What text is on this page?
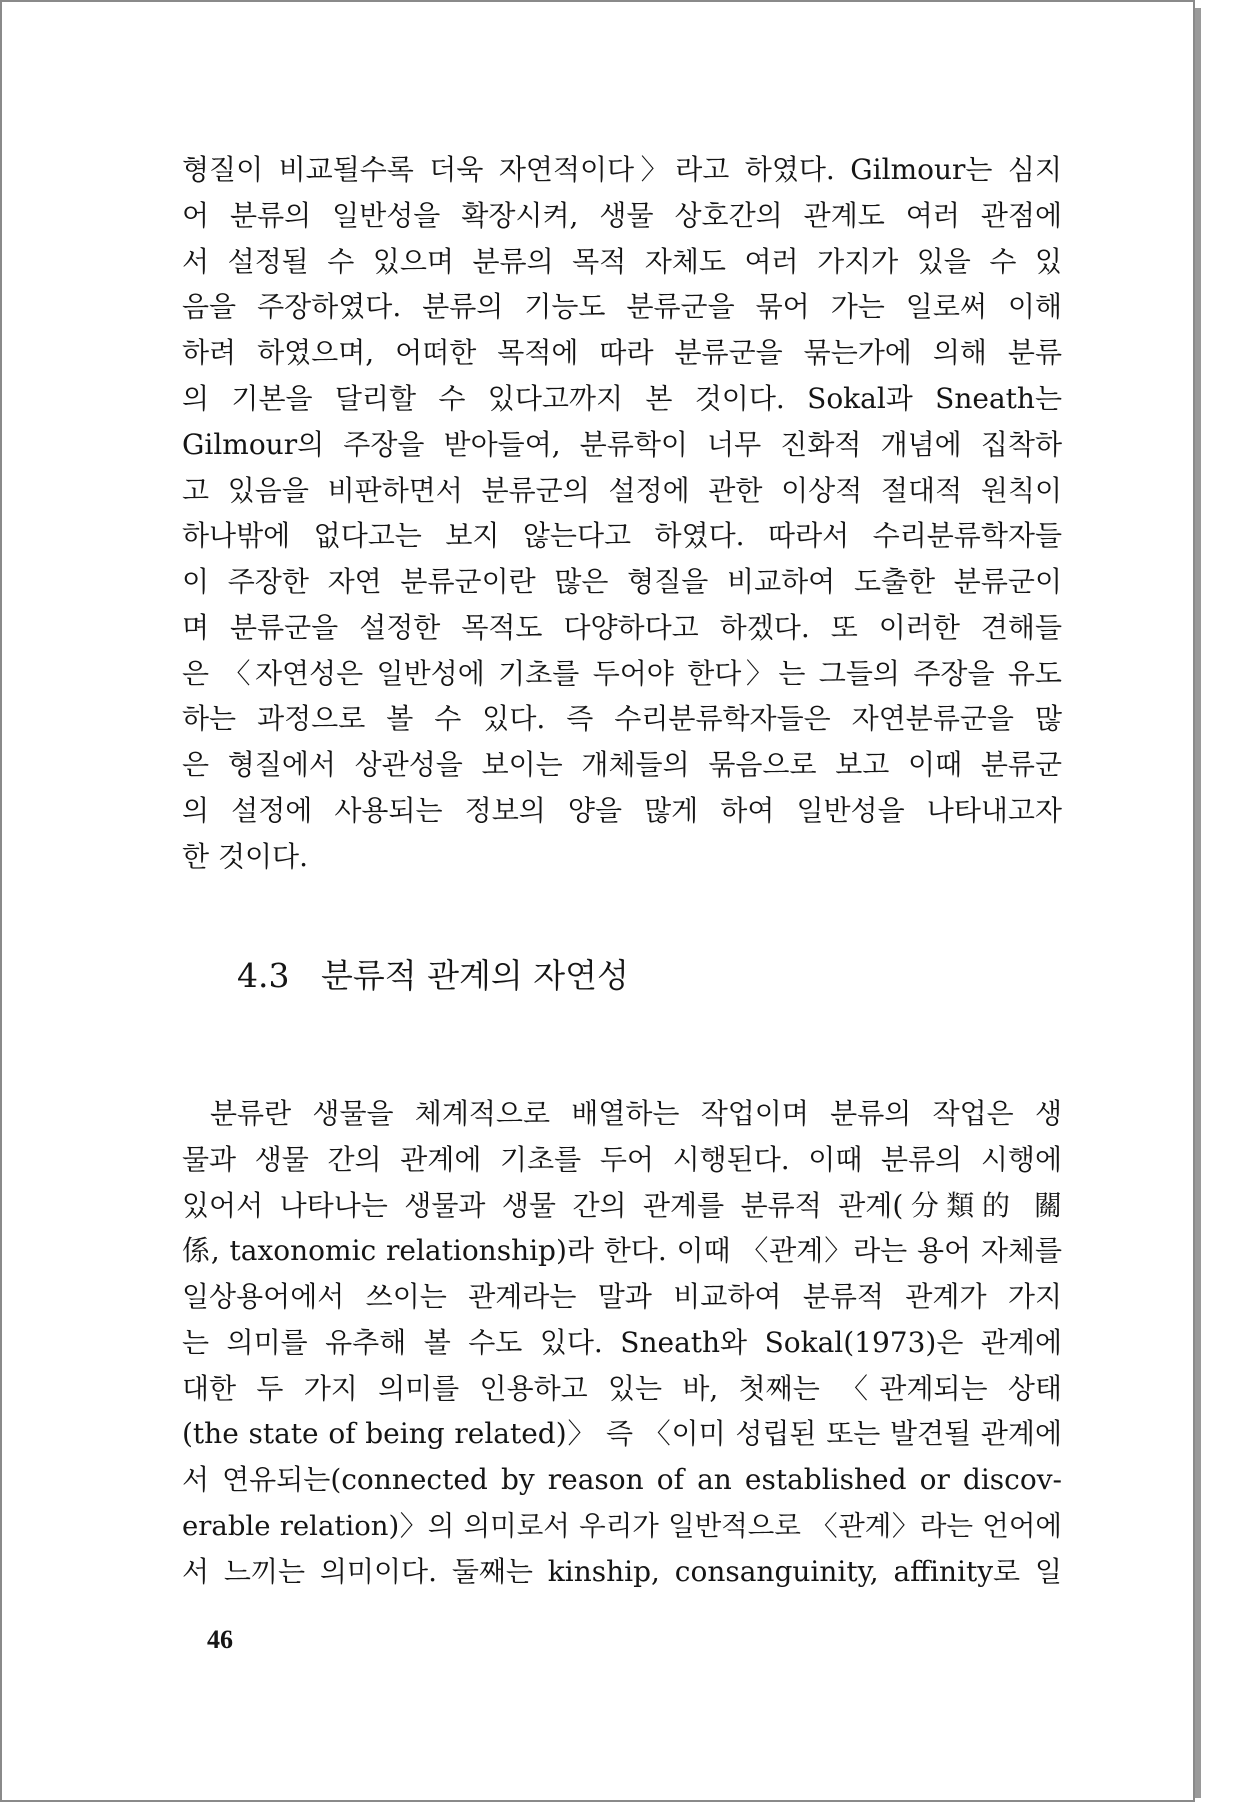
형질이 비교될수록 더욱 자연적이다〉라고 하였다. Gilmour는 심지
어 분류의 일반성을 확장시켜, 생물 상호간의 관계도 여러 관점에
서 설정될 수 있으며 분류의 목적 자체도 여러 가지가 있을 수 있
음을 주장하였다. 분류의 기능도 분류군을 묶어 가는 일로써 이해
하려 하였으며, 어떠한 목적에 따라 분류군을 묶는가에 의해 분류
의 기본을 달리할 수 있다고까지 본 것이다. Sokal과 Sneath는
Gilmour의 주장을 받아들여, 분류학이 너무 진화적 개념에 집착하
고 있음을 비판하면서 분류군의 설정에 관한 이상적 절대적 원칙이
하나밖에 없다고는 보지 않는다고 하였다. 따라서 수리분류학자들
이 주장한 자연 분류군이란 많은 형질을 비교하여 도출한 분류군이
며 분류군을 설정한 목적도 다양하다고 하겠다. 또 이러한 견해들
은 〈자연성은 일반성에 기초를 두어야 한다〉는 그들의 주장을 유도
하는 과정으로 볼 수 있다. 즉 수리분류학자들은 자연분류군을 많
은 형질에서 상관성을 보이는 개체들의 묶음으로 보고 이때 분류군
의 설정에 사용되는 정보의 양을 많게 하여 일반성을 나타내고자
한 것이다.
4.3 분류적 관계의 자연성
분류란 생물을 체계적으로 배열하는 작업이며 분류의 작업은 생
물과 생물 간의 관계에 기초를 두어 시행된다. 이때 분류의 시행에
있어서 나타나는 생물과 생물 간의 관계를 분류적 관계(分類的 關
係, taxonomic relationship)라 한다. 이때 〈관계〉라는 용어 자체를
일상용어에서 쓰이는 관계라는 말과 비교하여 분류적 관계가 가지
는 의미를 유추해 볼 수도 있다. Sneath와 Sokal(1973)은 관계에
대한 두 가지 의미를 인용하고 있는 바, 첫째는 〈관계되는 상태
(the state of being related)〉 즉 〈이미 성립된 또는 발견될 관계에
서 연유되는(connected by reason of an established or discov-
erable relation)〉의 의미로서 우리가 일반적으로 〈관계〉라는 언어에
서 느끼는 의미이다. 둘째는 kinship, consanguinity, affinity로 일
46
